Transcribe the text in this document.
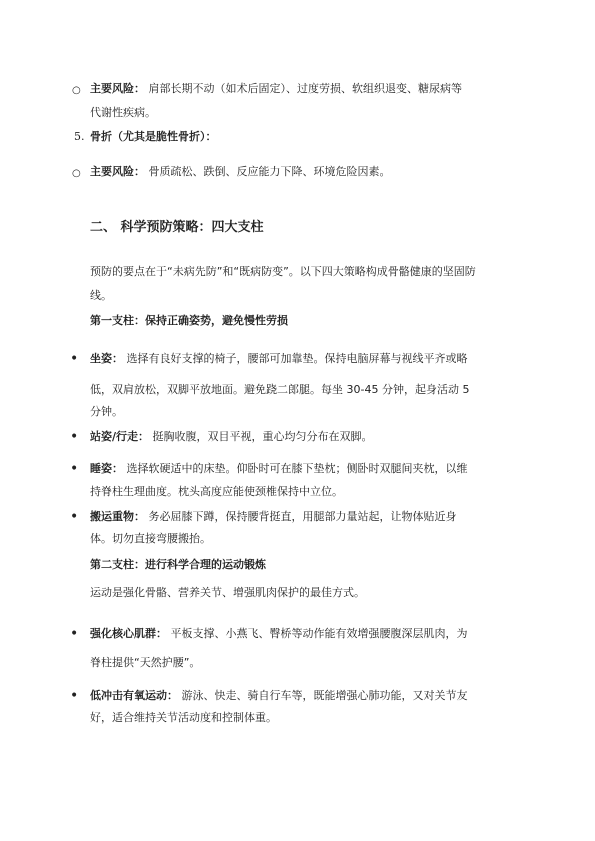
○ 主要风险： 肩部长期不动（如术后固定）、过度劳损、软组织退变、糖尿病等
代谢性疾病。
5. 骨折（尤其是脆性骨折）：
○ 主要风险： 骨质疏松、跌倒、反应能力下降、环境危险因素。
二、 科学预防策略：四大支柱
预防的要点在于“未病先防”和“既病防变”。以下四大策略构成骨骼健康的坚固防
线。
第一支柱：保持正确姿势，避免慢性劳损
• 坐姿： 选择有良好支撑的椅子，腰部可加靠垫。保持电脑屏幕与视线平齐或略
低，双肩放松，双脚平放地面。避免跷二郎腿。每坐 30-45 分钟，起身活动 5
分钟。
• 站姿/行走： 挺胸收腹，双目平视，重心均匀分布在双脚。
• 睡姿： 选择软硬适中的床垫。仰卧时可在膝下垫枕；侧卧时双腿间夹枕，以维
持脊柱生理曲度。枕头高度应能使颈椎保持中立位。
• 搬运重物： 务必屈膝下蹲，保持腰背挺直，用腿部力量站起，让物体贴近身
体。切勿直接弯腰搬抬。
第二支柱：进行科学合理的运动锻炼
运动是强化骨骼、营养关节、增强肌肉保护的最佳方式。
• 强化核心肌群： 平板支撑、小燕飞、臀桥等动作能有效增强腰腹深层肌肉，为
脊柱提供“天然护腰”。
• 低冲击有氧运动： 游泳、快走、骑自行车等，既能增强心肺功能，又对关节友
好，适合维持关节活动度和控制体重。
